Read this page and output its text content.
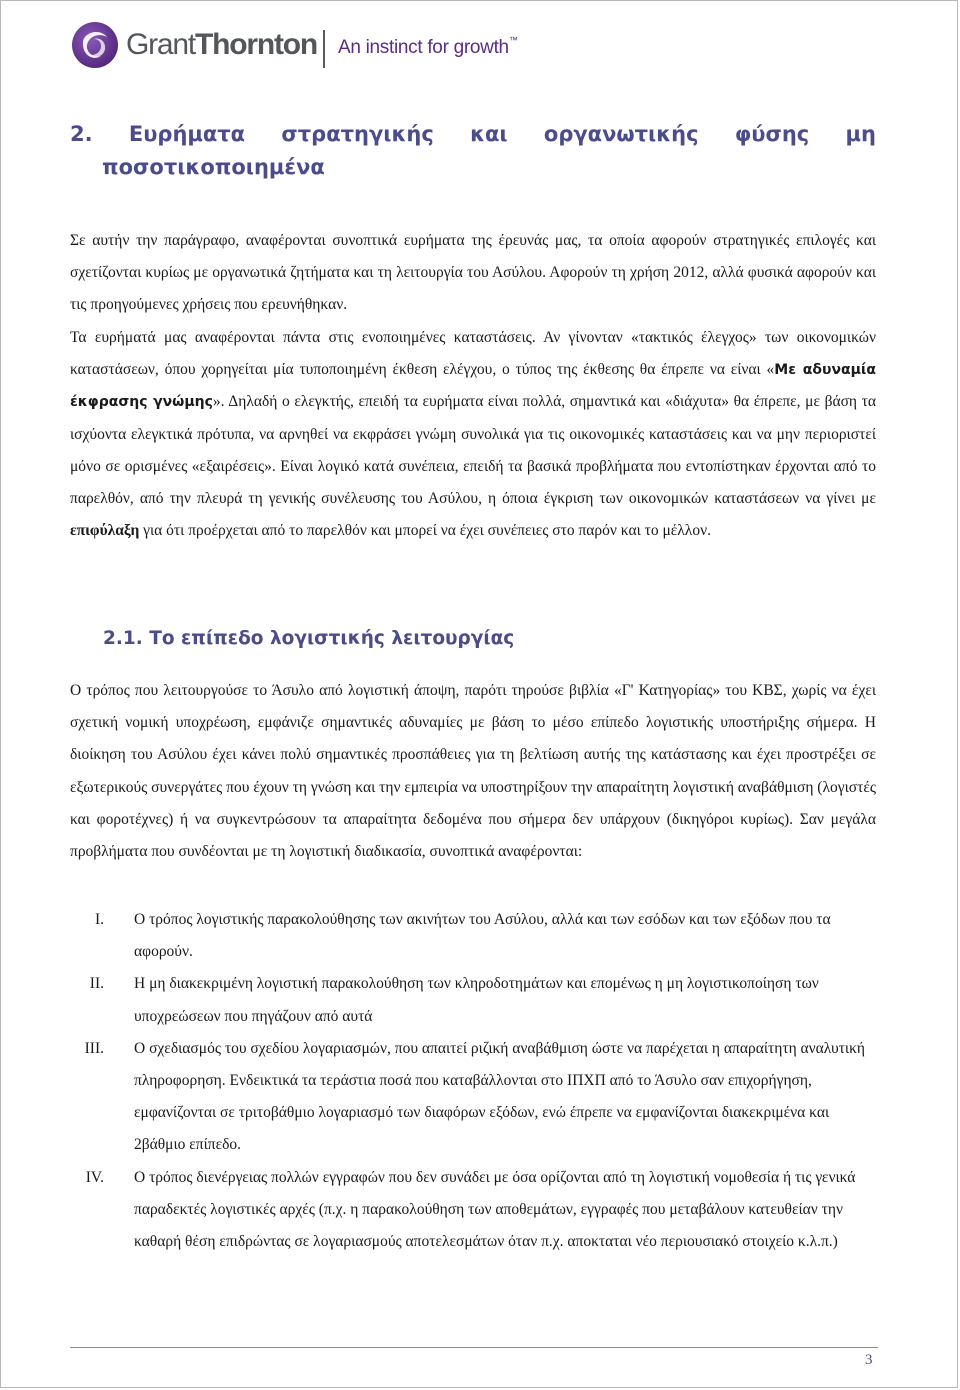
GrantThornton An instinct for growth™
2. Ευρήματα στρατηγικής και οργανωτικής φύσης μη
ποσοτικοποιημένα

Σε αυτήν την παράγραφο, αναφέρονται συνοπτικά ευρήματα της έρευνάς μας, τα οποία αφορούν στρατηγικές επιλογές και σχετίζονται κυρίως με οργανωτικά ζητήματα και τη λειτουργία του Ασύλου. Αφορούν τη χρήση 2012, αλλά φυσικά αφορούν και τις προηγούμενες χρήσεις που ερευνήθηκαν.

Τα ευρήματά μας αναφέρονται πάντα στις ενοποιημένες καταστάσεις. Αν γίνονταν «τακτικός έλεγχος» των οικονομικών καταστάσεων, όπου χορηγείται μία τυποποιημένη έκθεση ελέγχου, ο τύπος της έκθεσης θα έπρεπε να είναι «Με αδυναμία έκφρασης γνώμης». Δηλαδή ο ελεγκτής, επειδή τα ευρήματα είναι πολλά, σημαντικά και «διάχυτα» θα έπρεπε, με βάση τα ισχύοντα ελεγκτικά πρότυπα, να αρνηθεί να εκφράσει γνώμη συνολικά για τις οικονομικές καταστάσεις και να μην περιοριστεί μόνο σε ορισμένες «εξαιρέσεις». Είναι λογικό κατά συνέπεια, επειδή τα βασικά προβλήματα που εντοπίστηκαν έρχονται από το παρελθόν, από την πλευρά τη γενικής συνέλευσης του Ασύλου, η όποια έγκριση των οικονομικών καταστάσεων να γίνει με επιφύλαξη για ότι προέρχεται από το παρελθόν και μπορεί να έχει συνέπειες στο παρόν και το μέλλον.

2.1. Το επίπεδο λογιστικής λειτουργίας

Ο τρόπος που λειτουργούσε το Άσυλο από λογιστική άποψη, παρότι τηρούσε βιβλία «Γ' Κατηγορίας» του ΚΒΣ, χωρίς να έχει σχετική νομική υποχρέωση, εμφάνιζε σημαντικές αδυναμίες με βάση το μέσο επίπεδο λογιστικής υποστήριξης σήμερα. Η διοίκηση του Ασύλου έχει κάνει πολύ σημαντικές προσπάθειες για τη βελτίωση αυτής της κατάστασης και έχει προστρέξει σε εξωτερικούς συνεργάτες που έχουν τη γνώση και την εμπειρία να υποστηρίξουν την απαραίτητη λογιστική αναβάθμιση (λογιστές και φοροτέχνες) ή να συγκεντρώσουν τα απαραίτητα δεδομένα που σήμερα δεν υπάρχουν (δικηγόροι κυρίως). Σαν μεγάλα προβλήματα που συνδέονται με τη λογιστική διαδικασία, συνοπτικά αναφέρονται:

I. Ο τρόπος λογιστικής παρακολούθησης των ακινήτων του Ασύλου, αλλά και των εσόδων και των εξόδων που τα αφορούν.
II. Η μη διακεκριμένη λογιστική παρακολούθηση των κληροδοτημάτων και επομένως η μη λογιστικοποίηση των υποχρεώσεων που πηγάζουν από αυτά
III. Ο σχεδιασμός του σχεδίου λογαριασμών, που απαιτεί ριζική αναβάθμιση ώστε να παρέχεται η απαραίτητη αναλυτική πληροφορηση. Ενδεικτικά τα τεράστια ποσά που καταβάλλονται στο ΙΠΧΠ από το Άσυλο σαν επιχορήγηση, εμφανίζονται σε τριτοβάθμιο λογαριασμό των διαφόρων εξόδων, ενώ έπρεπε να εμφανίζονται διακεκριμένα και 2βάθμιο επίπεδο.
IV. Ο τρόπος διενέργειας πολλών εγγραφών που δεν συνάδει με όσα ορίζονται από τη λογιστική νομοθεσία ή τις γενικά παραδεκτές λογιστικές αρχές (π.χ. η παρακολούθηση των αποθεμάτων, εγγραφές που μεταβάλουν κατευθείαν την καθαρή θέση επιδρώντας σε λογαριασμούς αποτελεσμάτων όταν π.χ. αποκταται νέο περιουσιακό στοιχείο κ.λ.π.)
3
